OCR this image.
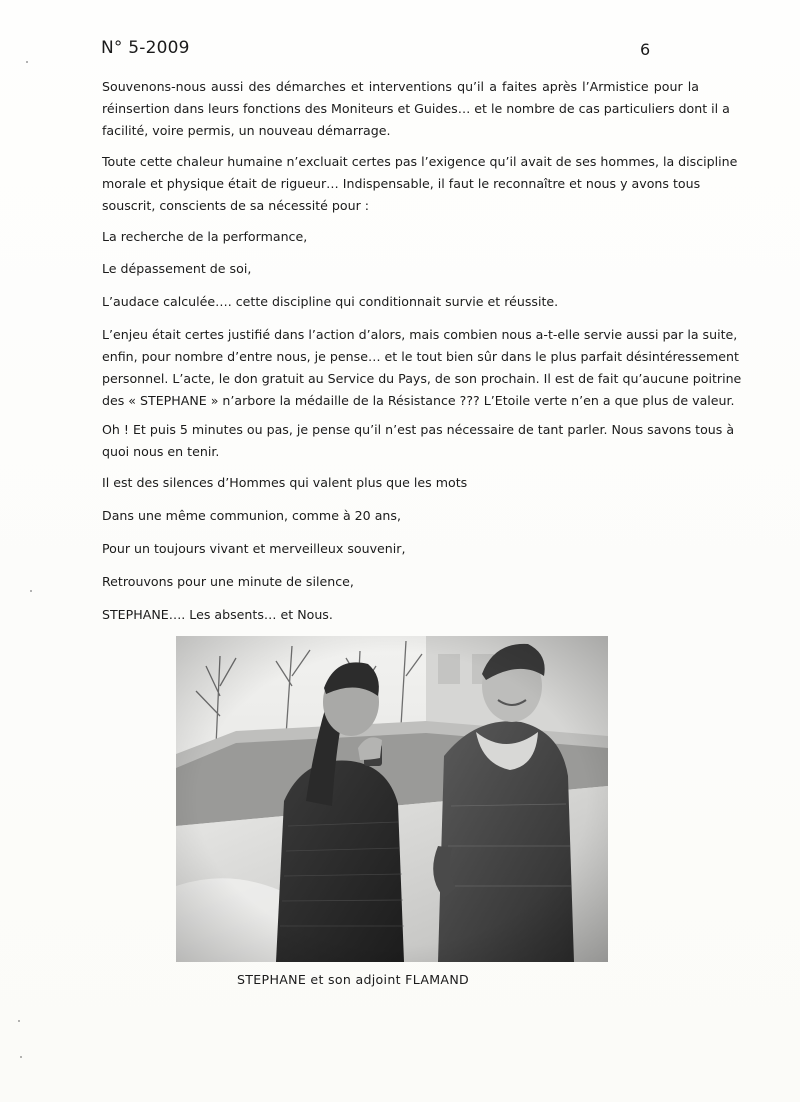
N° 5-2009	6

Souvenons-nous aussi des démarches et interventions qu’il a faites après l’Armistice pour la
réinsertion dans leurs fonctions des Moniteurs et Guides… et le nombre de cas particuliers dont il a
facilité, voire permis, un nouveau démarrage.

Toute cette chaleur humaine n’excluait certes pas l’exigence qu’il avait de ses hommes, la discipline
morale et physique était de rigueur… Indispensable, il faut le reconnaître et nous y avons tous
souscrit, conscients de sa nécessité pour :

La recherche de la performance,
Le dépassement de soi,
L’audace calculée…. cette discipline qui conditionnait survie et réussite.

L’enjeu était certes justifié dans l’action d’alors, mais combien nous a-t-elle servie aussi par la suite,
enfin, pour nombre d’entre nous, je pense… et le tout bien sûr dans le plus parfait désintéressement
personnel. L’acte, le don gratuit au Service du Pays, de son prochain. Il est de fait qu’aucune poitrine
des « STEPHANE » n’arbore la médaille de la Résistance ??? L’Etoile verte n’en a que plus de valeur.

Oh ! Et puis 5 minutes ou pas, je pense qu’il n’est pas nécessaire de tant parler. Nous savons tous à
quoi nous en tenir.

Il est des silences d’Hommes qui valent plus que les mots
Dans une même communion, comme à 20 ans,
Pour un toujours vivant et merveilleux souvenir,
Retrouvons pour une minute de silence,
STEPHANE…. Les absents… et Nous.
STEPHANE et son adjoint FLAMAND
